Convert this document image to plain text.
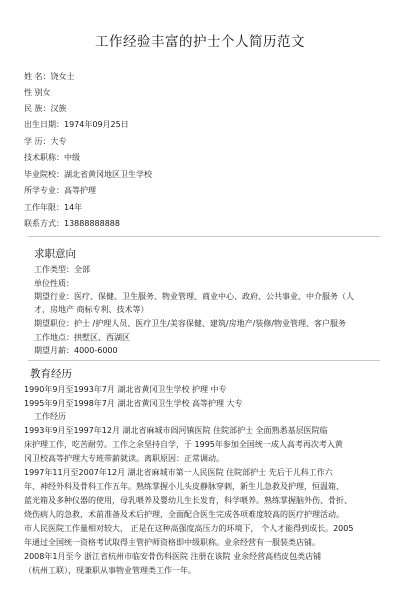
工作经验丰富的护士个人简历范文
姓 名：饶女士
性 别女
民 族：汉族
出生日期：1974年09月25日
学 历：大专
技术职称：中级
毕业院校：湖北省黄冈地区卫生学校
所学专业：高等护理
工作年限：14年
联系方式：13888888888
求职意向
工作类型：全部
单位性质：
期望行业：医疗、保健、卫生服务、物业管理、商业中心、政府、公共事业、中介服务（人
才，房地产 商标专利、技术等）
期望职位：护士 /护理人员、医疗卫生/美容保健、建筑/房地产/装修/物业管理、客户服务
工作地点：拱墅区、西湖区
期望月薪：4000-6000
教育经历
1990年9月至1993年7月 湖北省黄冈卫生学校 护理 中专
1995年9月至1998年7月 湖北省黄冈卫生学校 高等护理 大专
工作经历
1993年9月至1997年12月 湖北省麻城市阎河镇医院 住院部护士 全面熟悉基层医院临
床护理工作，吃苦耐劳。工作之余坚持自学，于 1995年参加全国统一成人高考再次考入黄
冈卫校高等护理大专班带薪就读。离职原因：正常调动。
1997年11月至2007年12月 湖北省麻城市第一人民医院 住院部护士 先后于儿科工作六
年、神经外科及骨科工作五年。熟练掌握小儿头皮静脉穿刺，新生儿急救及护理，恒温箱、
蓝光箱及多种仪器的使用，母乳喂养及婴幼儿生长发育，科学喂养。熟练掌握脑外伤、骨折、
烧伤病人的急救，术前准备及术后护理，全面配合医生完成各项难度较高的医疗护理活动。
市人民医院工作量相对较大， 正是在这种高强度高压力的环境下， 个人才能得到成长。2005
年通过全国统一资格考试取得主管护师资格即中级职称。业余经营有一服装类店铺。
2008年1月至今 浙江省杭州市临安骨伤科医院 注册在该院 业余经营高档皮包类店铺
（杭州工联），现兼职从事物业管理类工作一年。
